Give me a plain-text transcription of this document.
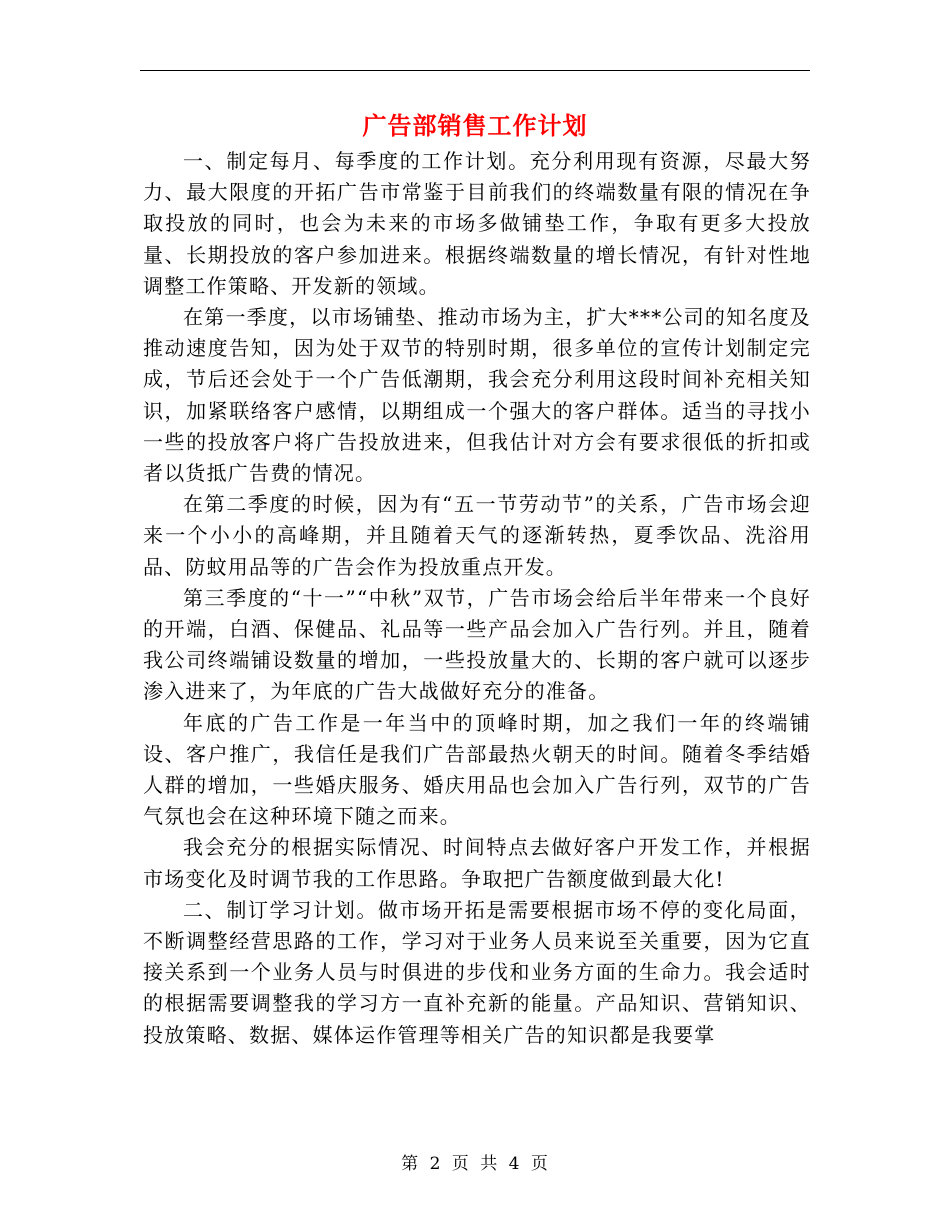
广告部销售工作计划

一、制定每月、每季度的工作计划。充分利用现有资源，尽最大努力、最大限度的开拓广告市常鉴于目前我们的终端数量有限的情况在争取投放的同时，也会为未来的市场多做铺垫工作，争取有更多大投放量、长期投放的客户参加进来。根据终端数量的增长情况，有针对性地调整工作策略、开发新的领域。

在第一季度，以市场铺垫、推动市场为主，扩大***公司的知名度及推动速度告知，因为处于双节的特别时期，很多单位的宣传计划制定完成，节后还会处于一个广告低潮期，我会充分利用这段时间补充相关知识，加紧联络客户感情，以期组成一个强大的客户群体。适当的寻找小一些的投放客户将广告投放进来，但我估计对方会有要求很低的折扣或者以货抵广告费的情况。

在第二季度的时候，因为有“五一节劳动节”的关系，广告市场会迎来一个小小的高峰期，并且随着天气的逐渐转热，夏季饮品、洗浴用品、防蚊用品等的广告会作为投放重点开发。

第三季度的“十一”“中秋”双节，广告市场会给后半年带来一个良好的开端，白酒、保健品、礼品等一些产品会加入广告行列。并且，随着我公司终端铺设数量的增加，一些投放量大的、长期的客户就可以逐步渗入进来了，为年底的广告大战做好充分的准备。

年底的广告工作是一年当中的顶峰时期，加之我们一年的终端铺设、客户推广，我信任是我们广告部最热火朝天的时间。随着冬季结婚人群的增加，一些婚庆服务、婚庆用品也会加入广告行列，双节的广告气氛也会在这种环境下随之而来。

我会充分的根据实际情况、时间特点去做好客户开发工作，并根据市场变化及时调节我的工作思路。争取把广告额度做到最大化!

二、制订学习计划。做市场开拓是需要根据市场不停的变化局面，不断调整经营思路的工作，学习对于业务人员来说至关重要，因为它直接关系到一个业务人员与时俱进的步伐和业务方面的生命力。我会适时的根据需要调整我的学习方一直补充新的能量。产品知识、营销知识、投放策略、数据、媒体运作管理等相关广告的知识都是我要掌

第 2 页 共 4 页
